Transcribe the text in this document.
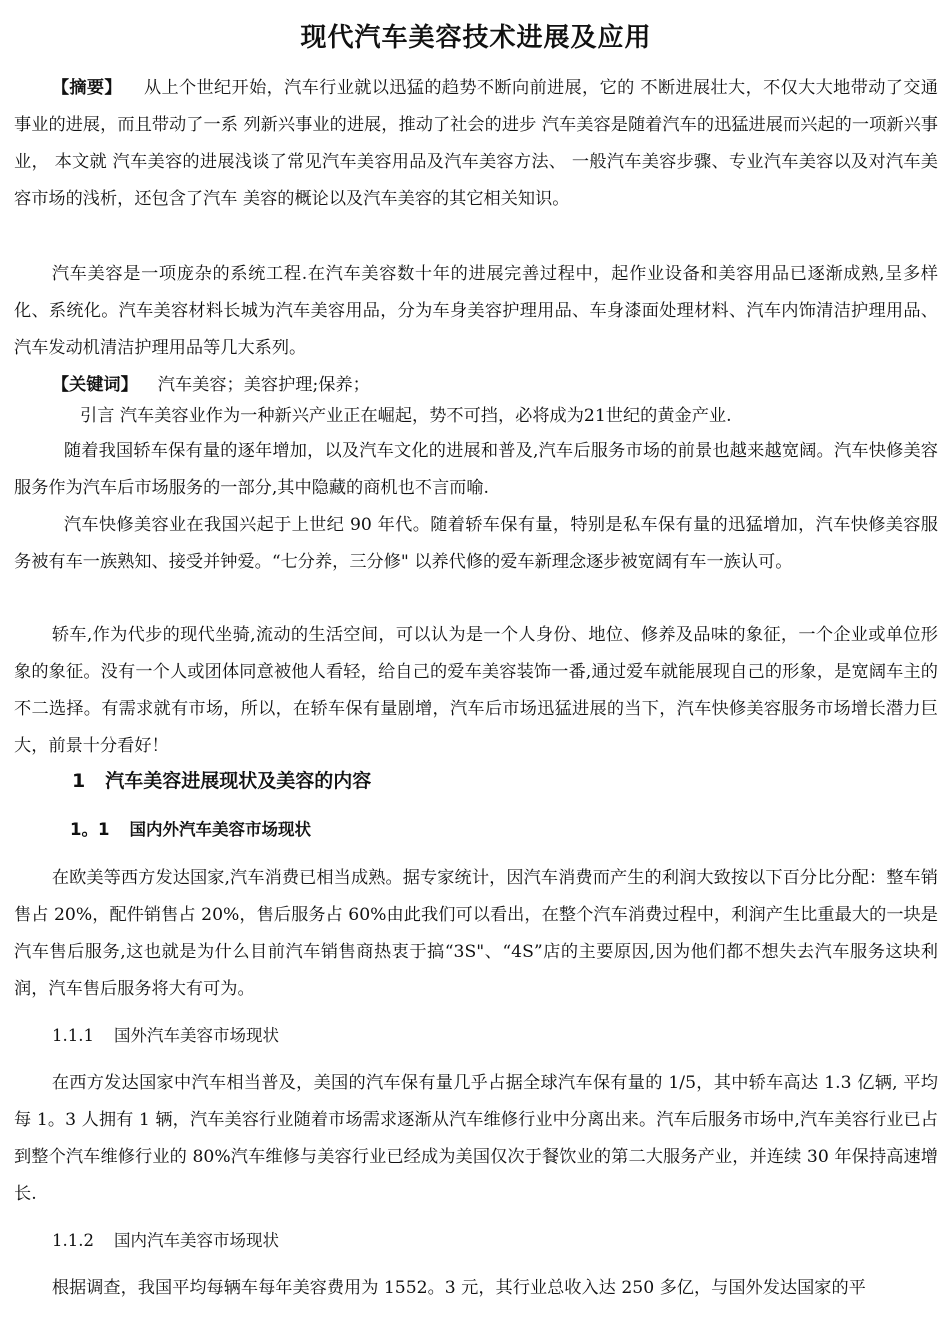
现代汽车美容技术进展及应用

【摘要】 从上个世纪开始，汽车行业就以迅猛的趋势不断向前进展，它的 不断进展壮大，不仅大大地带动了交通事业的进展，而且带动了一系 列新兴事业的进展，推动了社会的进步 汽车美容是随着汽车的迅猛进展而兴起的一项新兴事业， 本文就 汽车美容的进展浅谈了常见汽车美容用品及汽车美容方法、 一般汽车美容步骤、专业汽车美容以及对汽车美容市场的浅析，还包含了汽车 美容的概论以及汽车美容的其它相关知识。

汽车美容是一项庞杂的系统工程.在汽车美容数十年的进展完善过程中，起作业设备和美容用品已逐渐成熟,呈多样化、系统化。汽车美容材料长城为汽车美容用品，分为车身美容护理用品、车身漆面处理材料、汽车内饰清洁护理用品、汽车发动机清洁护理用品等几大系列。

【关键词】 汽车美容；美容护理;保养；

引言 汽车美容业作为一种新兴产业正在崛起，势不可挡，必将成为21世纪的黄金产业.

随着我国轿车保有量的逐年增加，以及汽车文化的进展和普及,汽车后服务市场的前景也越来越宽阔。汽车快修美容服务作为汽车后市场服务的一部分,其中隐藏的商机也不言而喻.

汽车快修美容业在我国兴起于上世纪 90 年代。随着轿车保有量，特别是私车保有量的迅猛增加，汽车快修美容服务被有车一族熟知、接受并钟爱。“七分养，三分修" 以养代修的爱车新理念逐步被宽阔有车一族认可。

轿车,作为代步的现代坐骑,流动的生活空间，可以认为是一个人身份、地位、修养及品味的象征，一个企业或单位形象的象征。没有一个人或团体同意被他人看轻，给自己的爱车美容装饰一番,通过爱车就能展现自己的形象，是宽阔车主的不二选择。有需求就有市场，所以，在轿车保有量剧增，汽车后市场迅猛进展的当下，汽车快修美容服务市场增长潜力巨大，前景十分看好！

1 汽车美容进展现状及美容的内容
1。1 国内外汽车美容市场现状

在欧美等西方发达国家,汽车消费已相当成熟。据专家统计，因汽车消费而产生的利润大致按以下百分比分配：整车销售占 20%，配件销售占 20%，售后服务占 60%由此我们可以看出，在整个汽车消费过程中，利润产生比重最大的一块是汽车售后服务,这也就是为什么目前汽车销售商热衷于搞“3S"、“4S”店的主要原因,因为他们都不想失去汽车服务这块利润，汽车售后服务将大有可为。

1.1.1 国外汽车美容市场现状

在西方发达国家中汽车相当普及，美国的汽车保有量几乎占据全球汽车保有量的 1/5，其中轿车高达 1.3 亿辆, 平均每 1。3 人拥有 1 辆，汽车美容行业随着市场需求逐渐从汽车维修行业中分离出来。汽车后服务市场中,汽车美容行业已占到整个汽车维修行业的 80%汽车维修与美容行业已经成为美国仅次于餐饮业的第二大服务产业，并连续 30 年保持高速增长.

1.1.2 国内汽车美容市场现状

根据调查，我国平均每辆车每年美容费用为 1552。3 元，其行业总收入达 250 多亿，与国外发达国家的平
